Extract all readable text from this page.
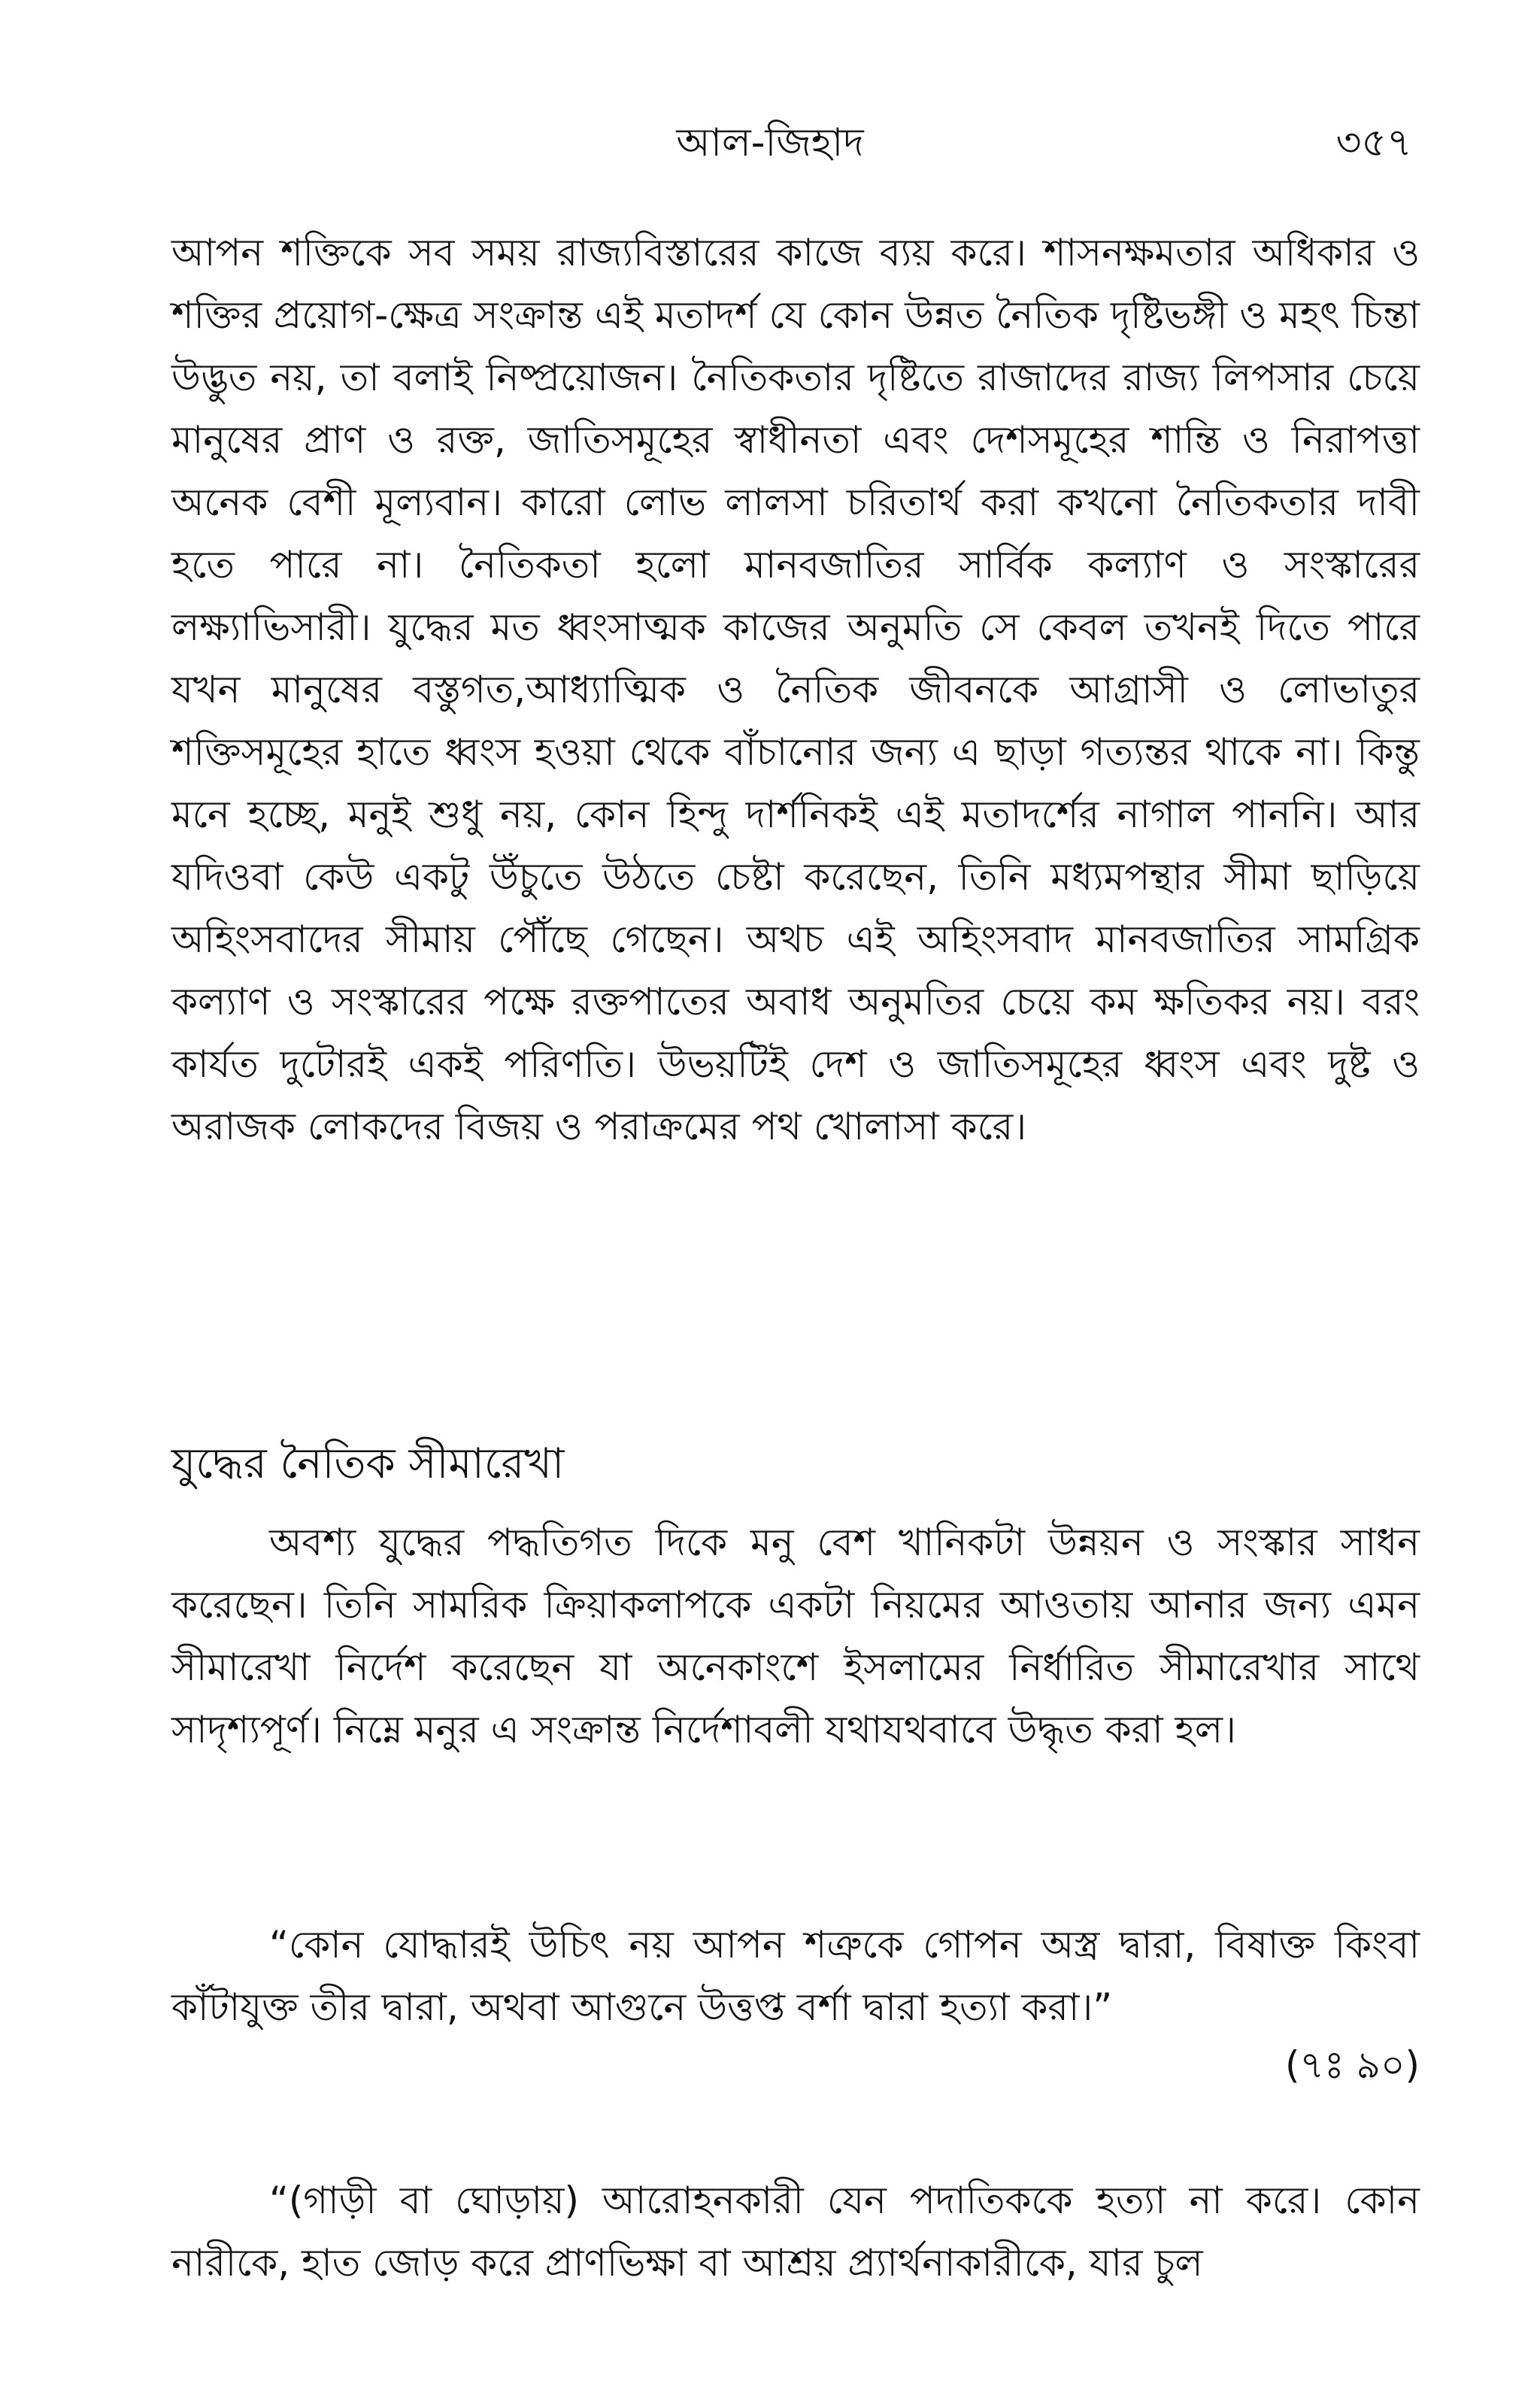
আল-জিহাদ	৩৫৭

আপন শক্তিকে সব সময় রাজ্যবিস্তারের কাজে ব্যয় করে। শাসনক্ষমতার অধিকার ও শক্তির প্রয়োগ-ক্ষেত্র সংক্রান্ত এই মতাদর্শ যে কোন উন্নত নৈতিক দৃষ্টিভঙ্গী ও মহৎ চিন্তা উদ্ভুত নয়, তা বলাই নিষ্প্রয়োজন। নৈতিকতার দৃষ্টিতে রাজাদের রাজ্য লিপসার চেয়ে মানুষের প্রাণ ও রক্ত, জাতিসমূহের স্বাধীনতা এবং দেশসমূহের শান্তি ও নিরাপত্তা অনেক বেশী মূল্যবান। কারো লোভ লালসা চরিতার্থ করা কখনো নৈতিকতার দাবী হতে পারে না। নৈতিকতা হলো মানবজাতির সার্বিক কল্যাণ ও সংস্কারের লক্ষ্যাভিসারী। যুদ্ধের মত ধ্বংসাত্মক কাজের অনুমতি সে কেবল তখনই দিতে পারে যখন মানুষের বস্তুগত,আধ্যাত্মিক ও নৈতিক জীবনকে আগ্রাসী ও লোভাতুর শক্তিসমূহের হাতে ধ্বংস হওয়া থেকে বাঁচানোর জন্য এ ছাড়া গত্যন্তর থাকে না। কিন্তু মনে হচ্ছে, মনুই শুধু নয়, কোন হিন্দু দার্শনিকই এই মতাদর্শের নাগাল পাননি। আর যদিওবা কেউ একটু উঁচুতে উঠতে চেষ্টা করেছেন, তিনি মধ্যমপন্থার সীমা ছাড়িয়ে অহিংসবাদের সীমায় পৌঁছে গেছেন। অথচ এই অহিংসবাদ মানবজাতির সামগ্রিক কল্যাণ ও সংস্কারের পক্ষে রক্তপাতের অবাধ অনুমতির চেয়ে কম ক্ষতিকর নয়। বরং কার্যত দুটোরই একই পরিণতি। উভয়টিই দেশ ও জাতিসমূহের ধ্বংস এবং দুষ্ট ও অরাজক লোকদের বিজয় ও পরাক্রমের পথ খোলাসা করে।

যুদ্ধের নৈতিক সীমারেখা

অবশ্য যুদ্ধের পদ্ধতিগত দিকে মনু বেশ খানিকটা উন্নয়ন ও সংস্কার সাধন করেছেন। তিনি সামরিক ক্রিয়াকলাপকে একটা নিয়মের আওতায় আনার জন্য এমন সীমারেখা নির্দেশ করেছেন যা অনেকাংশে ইসলামের নির্ধারিত সীমারেখার সাথে সাদৃশ্যপূর্ণ। নিম্নে মনুর এ সংক্রান্ত নির্দেশাবলী যথাযথবাবে উদ্ধৃত করা হল।

“কোন যোদ্ধারই উচিৎ নয় আপন শত্রুকে গোপন অস্ত্র দ্বারা, বিষাক্ত কিংবা কাঁটাযুক্ত তীর দ্বারা, অথবা আগুনে উত্তপ্ত বর্শা দ্বারা হত্যা করা।”

(৭ঃ ৯০)

“(গাড়ী বা ঘোড়ায়) আরোহনকারী যেন পদাতিককে হত্যা না করে। কোন নারীকে, হাত জোড় করে প্রাণভিক্ষা বা আশ্রয় প্র্যার্থনাকারীকে, যার চুল
